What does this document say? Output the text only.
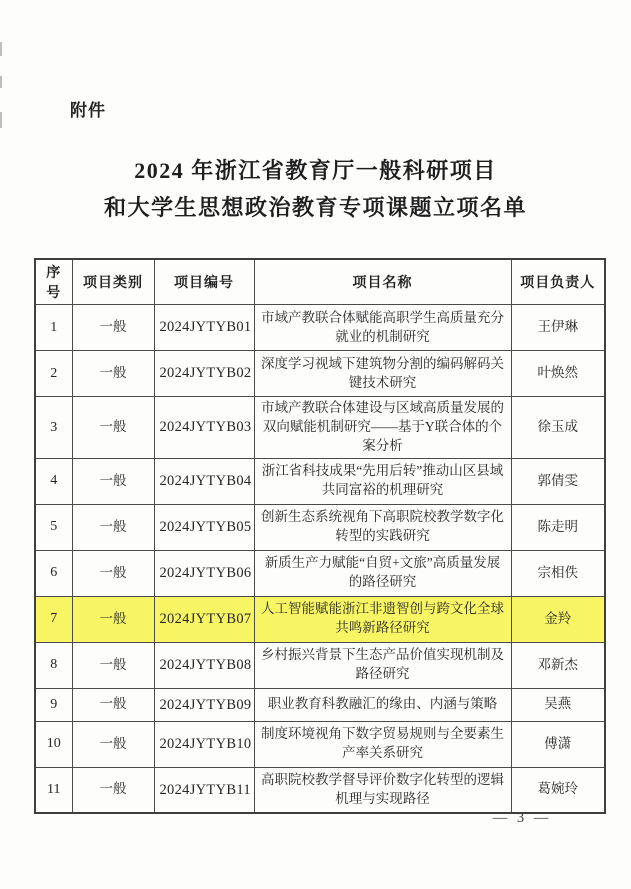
附件
2024 年浙江省教育厅一般科研项目
和大学生思想政治教育专项课题立项名单
序号	项目类别	项目编号	项目名称	项目负责人
1	一般	2024JYTYB01	市域产教联合体赋能高职学生高质量充分就业的机制研究	王伊琳
2	一般	2024JYTYB02	深度学习视域下建筑物分割的编码解码关键技术研究	叶焕然
3	一般	2024JYTYB03	市域产教联合体建设与区域高质量发展的双向赋能机制研究——基于Y联合体的个案分析	徐玉成
4	一般	2024JYTYB04	浙江省科技成果“先用后转”推动山区县域共同富裕的机理研究	郭倩雯
5	一般	2024JYTYB05	创新生态系统视角下高职院校教学数字化转型的实践研究	陈走明
6	一般	2024JYTYB06	新质生产力赋能“自贸+文旅”高质量发展的路径研究	宗相佚
7	一般	2024JYTYB07	人工智能赋能浙江非遗智创与跨文化全球共鸣新路径研究	金羚
8	一般	2024JYTYB08	乡村振兴背景下生态产品价值实现机制及路径研究	邓新杰
9	一般	2024JYTYB09	职业教育科教融汇的缘由、内涵与策略	吴燕
10	一般	2024JYTYB10	制度环境视角下数字贸易规则与全要素生产率关系研究	傅潇
11	一般	2024JYTYB11	高职院校教学督导评价数字化转型的逻辑机理与实现路径	葛婉玲
— 3 —
